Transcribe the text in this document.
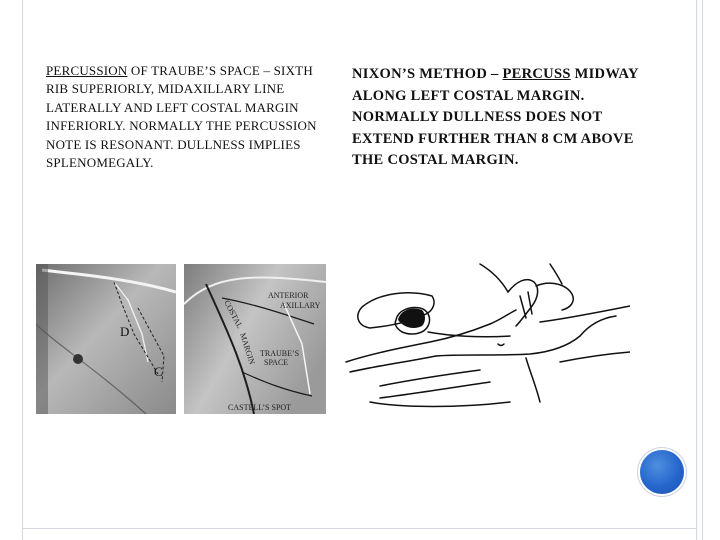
PERCUSSION OF TRAUBE’S SPACE – SIXTH RIB SUPERIORLY, MIDAXILLARY LINE LATERALLY AND LEFT COSTAL MARGIN INFERIORLY. NORMALLY THE PERCUSSION NOTE IS RESONANT. DULLNESS IMPLIES SPLENOMEGALY.
NIXON’S METHOD – PERCUSS MIDWAY ALONG LEFT COSTAL MARGIN. NORMALLY DULLNESS DOES NOT EXTEND FURTHER THAN 8 CM ABOVE THE COSTAL MARGIN.
D
C
ANTERIOR
AXILLARY
COSTAL
MARGIN TRAUBE’S
SPACE
CASTELL’S SPOT
